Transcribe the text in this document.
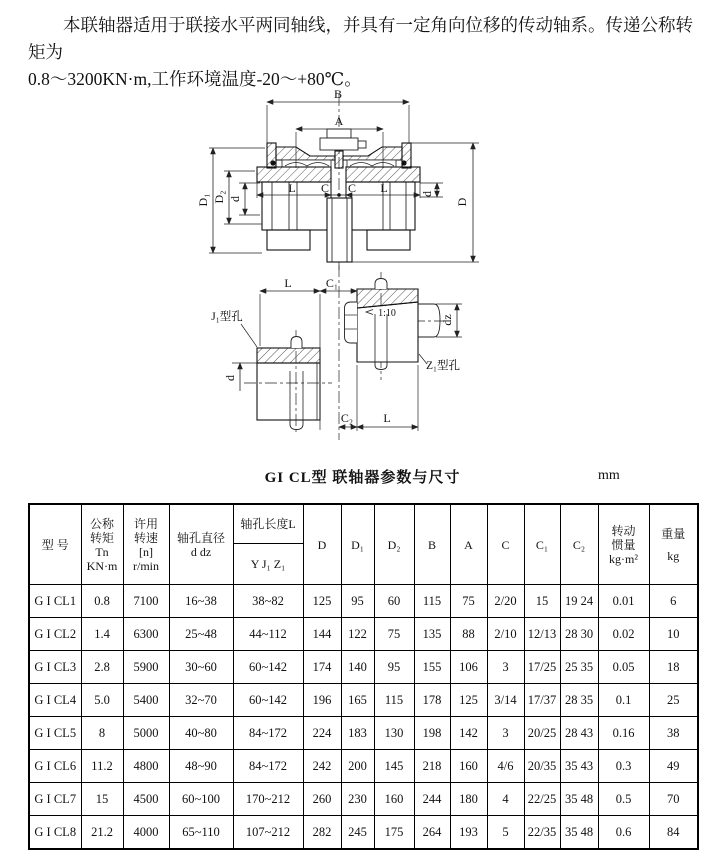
本联轴器适用于联接水平两同轴线，并具有一定角向位移的传动轴系。传递公称转矩为
0.8～3200KN·m,工作环境温度-20～+80℃。
B
A
D₁ D₂ d
L C C L	d
D
L	C₁
J₁型孔
d
1:10
dz
Z₁型孔
C₂	L
GI CL型 联轴器参数与尺寸	mm
型 号	公称
转矩
Tn
KN·m	许用
转速
[n]
r/min	轴孔直径
d dz	轴孔长度L	D	D₁	D₂	B	A	C	C₁	C₂	转动
惯量
kg·m²	重量
kg

				Y J₁ Z₁										
G I CL1	0.8	7100	16~38	38~82	125	95	60	115	75	2/20	15	19 24	0.01	6
G I CL2	1.4	6300	25~48	44~112	144	122	75	135	88	2/10	12/13	28 30	0.02	10
G I CL3	2.8	5900	30~60	60~142	174	140	95	155	106	3	17/25	25 35	0.05	18
G I CL4	5.0	5400	32~70	60~142	196	165	115	178	125	3/14	17/37	28 35	0.1	25
G I CL5	8	5000	40~80	84~172	224	183	130	198	142	3	20/25	28 43	0.16	38
G I CL6	11.2	4800	48~90	84~172	242	200	145	218	160	4/6	20/35	35 43	0.3	49
G I CL7	15	4500	60~100	170~212	260	230	160	244	180	4	22/25	35 48	0.5	70
G I CL8	21.2	4000	65~110	107~212	282	245	175	264	193	5	22/35	35 48	0.6	84
